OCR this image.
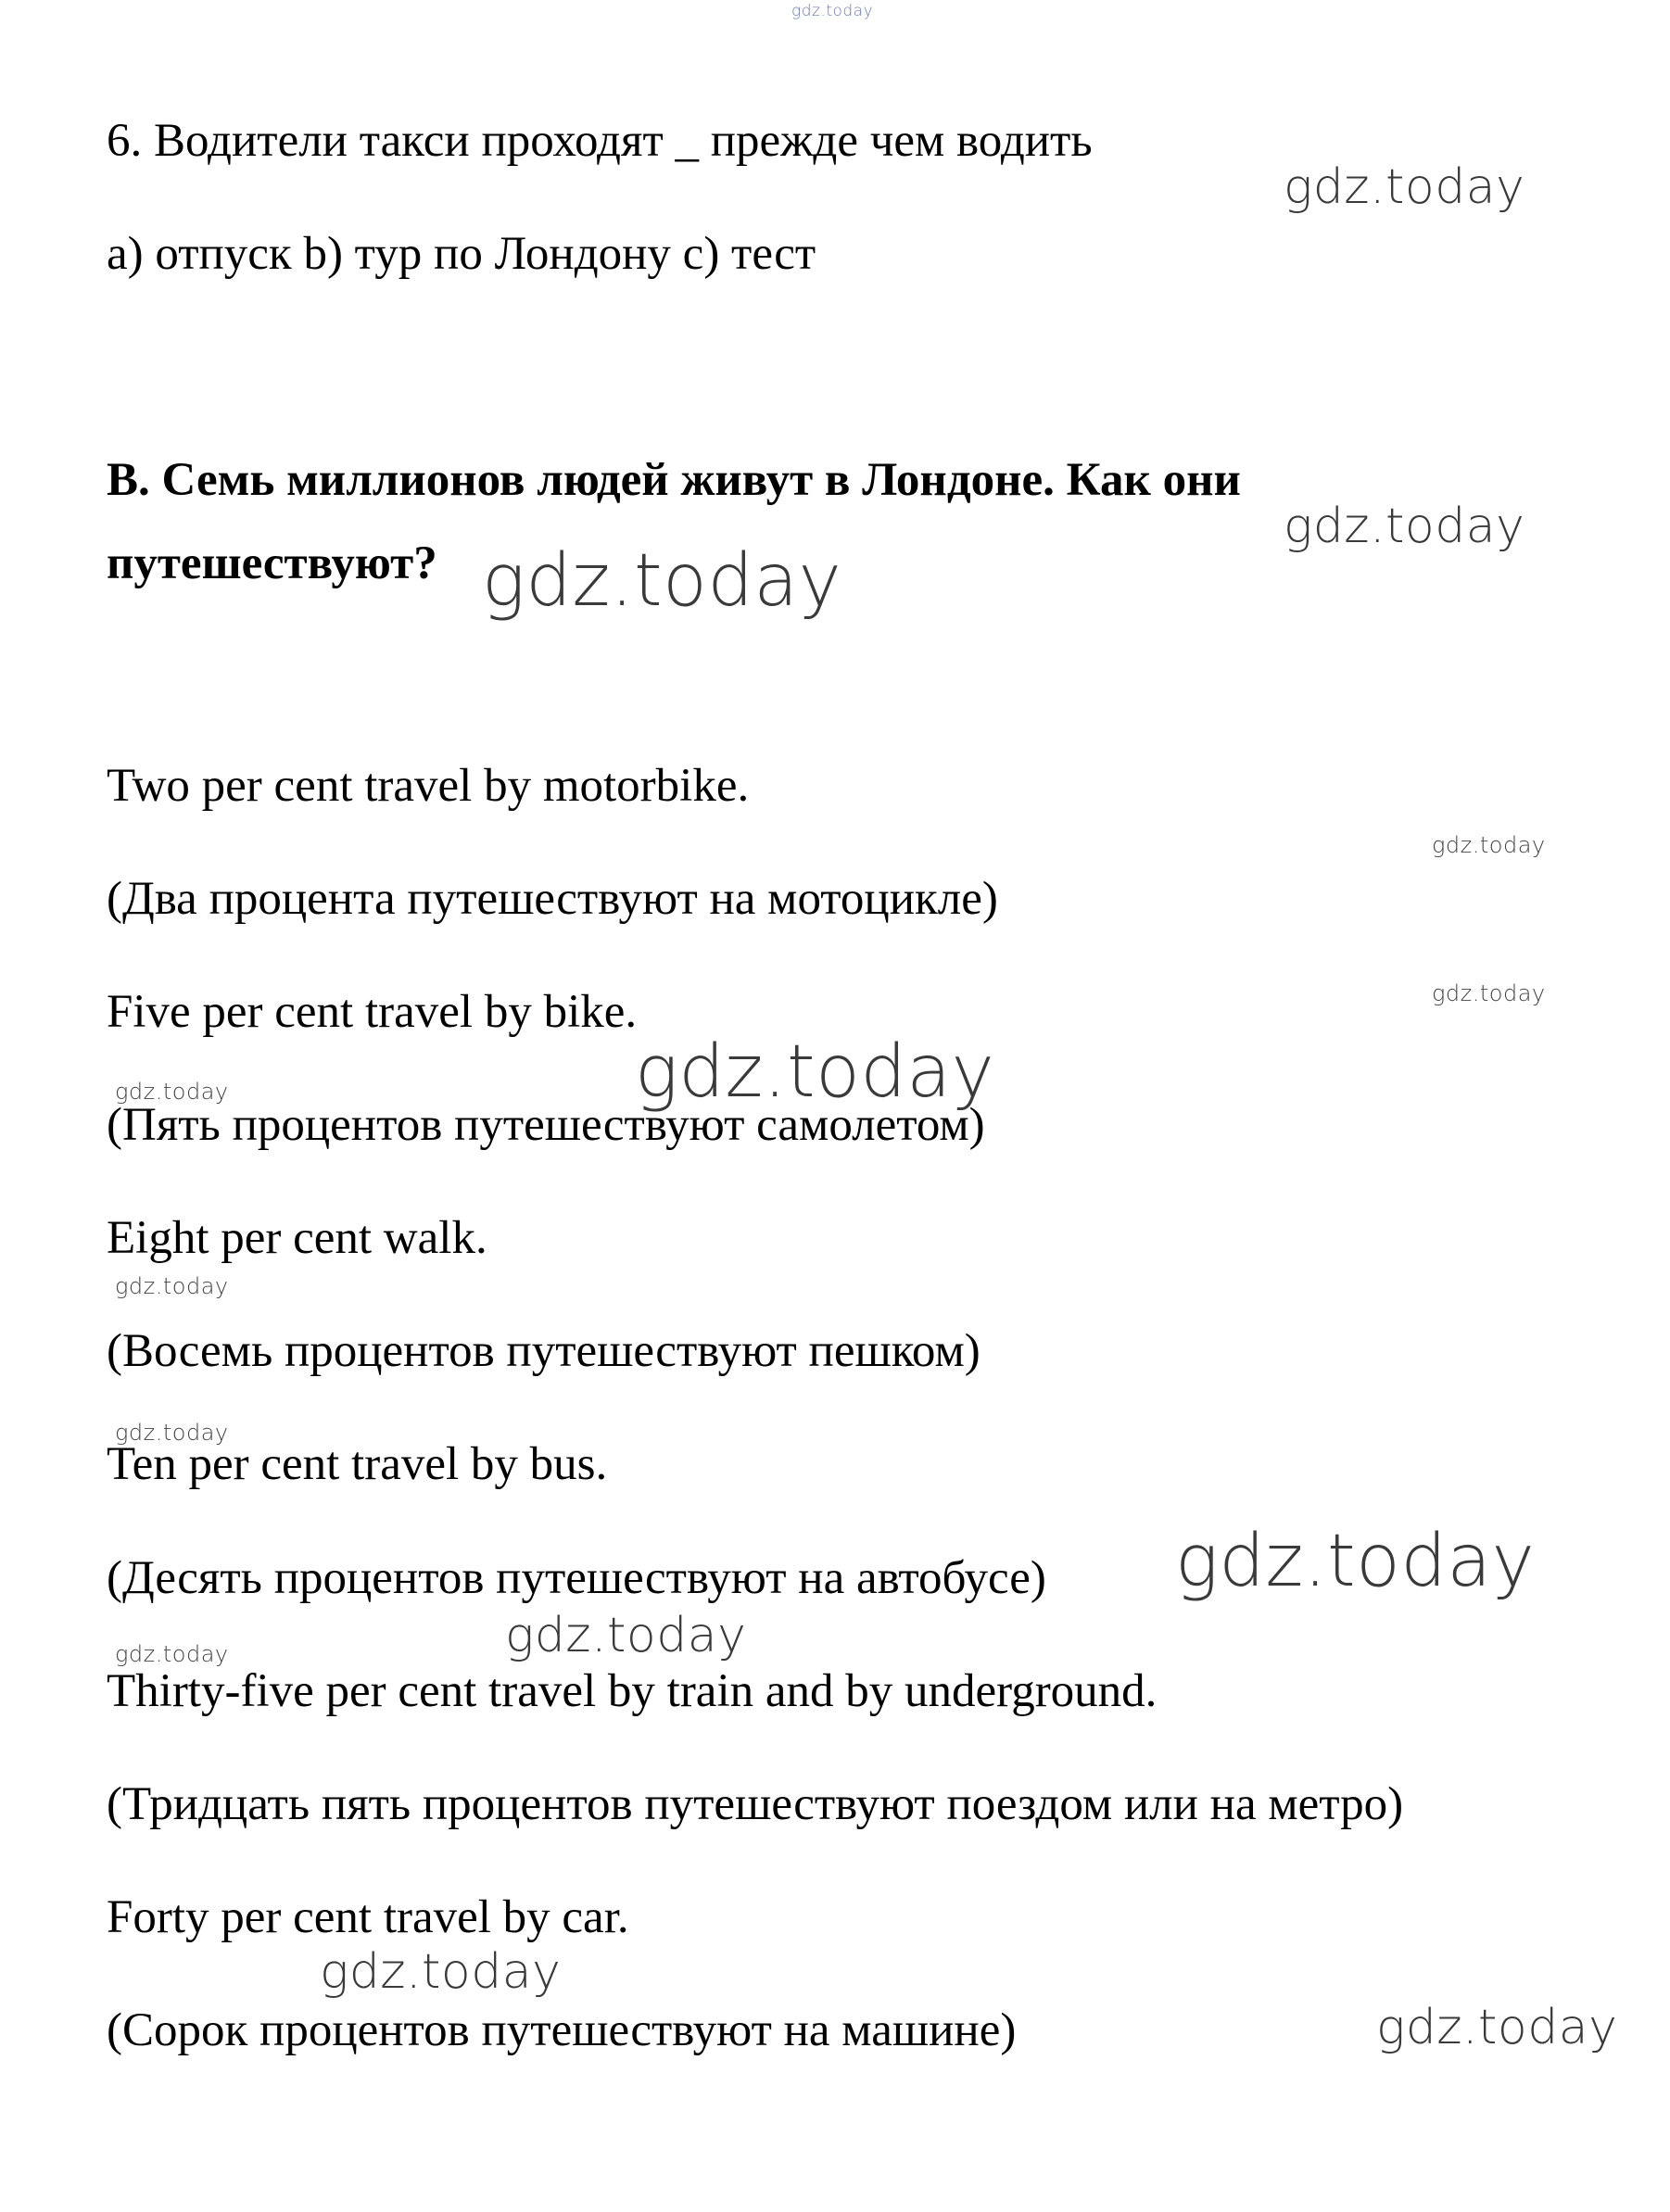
6. Водители такси проходят _ прежде чем водить

a) отпуск b) тур по Лондону c) тест

B. Семь миллионов людей живут в Лондоне. Как они

путешествуют?

Two per cent travel by motorbike.

(Два процента путешествуют на мотоцикле)

Five per cent travel by bike.

(Пять процентов путешествуют самолетом)

Eight per cent walk.

(Восемь процентов путешествуют пешком)

Ten per cent travel by bus.

(Десять процентов путешествуют на автобусе)

Thirty-five per cent travel by train and by underground.

(Тридцать пять процентов путешествуют поездом или на метро)

Forty per cent travel by car.

(Сорок процентов путешествуют на машине)

gdz.today

gdz.today

gdz.today

gdz.today

gdz.today

gdz.today

gdz.today

gdz.today

gdz.today

gdz.today

gdz.today

gdz.today

gdz.today

gdz.today

gdz.today
